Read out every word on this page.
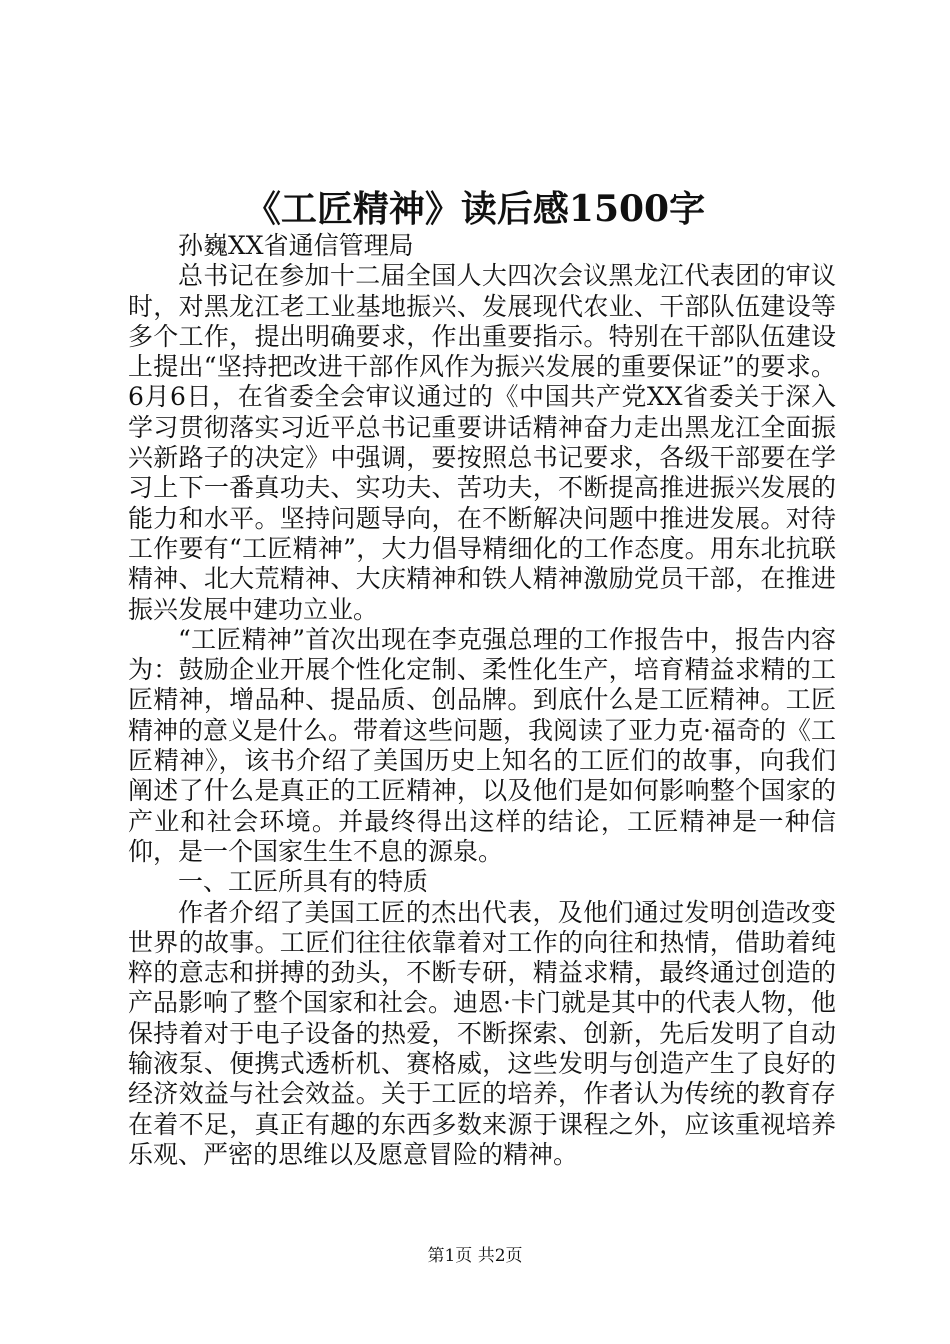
《工匠精神》读后感1500字

孙巍XX省通信管理局

总书记在参加十二届全国人大四次会议黑龙江代表团的审议时，对黑龙江老工业基地振兴、发展现代农业、干部队伍建设等多个工作，提出明确要求，作出重要指示。特别在干部队伍建设上提出“坚持把改进干部作风作为振兴发展的重要保证”的要求。6月6日，在省委全会审议通过的《中国共产党XX省委关于深入学习贯彻落实习近平总书记重要讲话精神奋力走出黑龙江全面振兴新路子的决定》中强调，要按照总书记要求，各级干部要在学习上下一番真功夫、实功夫、苦功夫，不断提高推进振兴发展的能力和水平。坚持问题导向，在不断解决问题中推进发展。对待工作要有“工匠精神”，大力倡导精细化的工作态度。用东北抗联精神、北大荒精神、大庆精神和铁人精神激励党员干部，在推进振兴发展中建功立业。

“工匠精神”首次出现在李克强总理的工作报告中，报告内容为：鼓励企业开展个性化定制、柔性化生产，培育精益求精的工匠精神，增品种、提品质、创品牌。到底什么是工匠精神。工匠精神的意义是什么。带着这些问题，我阅读了亚力克·福奇的《工匠精神》，该书介绍了美国历史上知名的工匠们的故事，向我们阐述了什么是真正的工匠精神，以及他们是如何影响整个国家的产业和社会环境。并最终得出这样的结论，工匠精神是一种信仰，是一个国家生生不息的源泉。

一、工匠所具有的特质

作者介绍了美国工匠的杰出代表，及他们通过发明创造改变世界的故事。工匠们往往依靠着对工作的向往和热情，借助着纯粹的意志和拼搏的劲头，不断专研，精益求精，最终通过创造的产品影响了整个国家和社会。迪恩·卡门就是其中的代表人物，他保持着对于电子设备的热爱，不断探索、创新，先后发明了自动输液泵、便携式透析机、赛格威，这些发明与创造产生了良好的经济效益与社会效益。关于工匠的培养，作者认为传统的教育存在着不足，真正有趣的东西多数来源于课程之外，应该重视培养乐观、严密的思维以及愿意冒险的精神。

第1页 共2页
